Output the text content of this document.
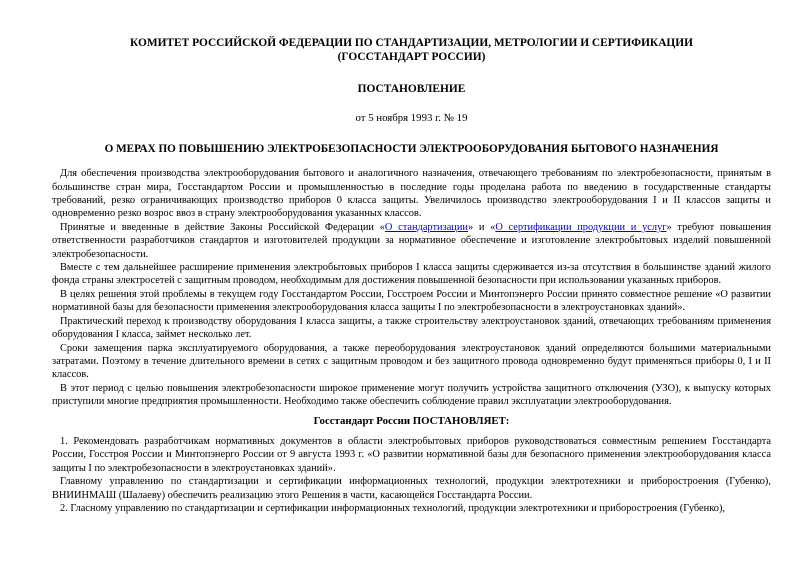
КОМИТЕТ РОССИЙСКОЙ ФЕДЕРАЦИИ ПО СТАНДАРТИЗАЦИИ, МЕТРОЛОГИИ И СЕРТИФИКАЦИИ
(ГОССТАНДАРТ РОССИИ)
ПОСТАНОВЛЕНИЕ
от 5 ноября 1993 г. № 19
О МЕРАХ ПО ПОВЫШЕНИЮ ЭЛЕКТРОБЕЗОПАСНОСТИ ЭЛЕКТРООБОРУДОВАНИЯ БЫТОВОГО НАЗНАЧЕНИЯ

Для обеспечения производства электрооборудования бытового и аналогичного назначения, отвечающего требованиям по электробезопасности, принятым в большинстве стран мира, Госстандартом России и промышленностью в последние годы проделана работа по введению в государственные стандарты требований, резко ограничивающих производство приборов 0 класса защиты. Увеличилось производство электрооборудования I и II классов защиты и одновременно резко возрос ввоз в страну электрооборудования указанных классов.

Принятые и введенные в действие Законы Российской Федерации «О стандартизации» и «О сертификации продукции и услуг» требуют повышения ответственности разработчиков стандартов и изготовителей продукции за нормативное обеспечение и изготовление электробытовых изделий повышенной электробезопасности.

Вместе с тем дальнейшее расширение применения электробытовых приборов I класса защиты сдерживается из-за отсутствия в большинстве зданий жилого фонда страны электросетей с защитным проводом, необходимым для достижения повышенной безопасности при использовании указанных приборов.

В целях решения этой проблемы в текущем году Госстандартом России, Госстроем России и Минтопэнерго России принято совместное решение «О развитии нормативной базы для безопасности применения электрооборудования класса защиты I по электробезопасности в электроустановках зданий».

Практический переход к производству оборудования I класса защиты, а также строительству электроустановок зданий, отвечающих требованиям применения оборудования I класса, займет несколько лет.

Сроки замещения парка эксплуатируемого оборудования, а также переоборудования электроустановок зданий определяются большими материальными затратами. Поэтому в течение длительного времени в сетях с защитным проводом и без защитного провода одновременно будут применяться приборы 0, I и II классов.

В этот период с целью повышения электробезопасности широкое применение могут получить устройства защитного отключения (УЗО), к выпуску которых приступили многие предприятия промышленности. Необходимо также обеспечить соблюдение правил эксплуатации электрооборудования.

Госстандарт России ПОСТАНОВЛЯЕТ:

1. Рекомендовать разработчикам нормативных документов в области электробытовых приборов руководствоваться совместным решением Госстандарта России, Госстроя России и Минтопэнерго России от 9 августа 1993 г. «О развитии нормативной базы для безопасного применения электрооборудования класса защиты I по электробезопасности в электроустановках зданий».

Главному управлению по стандартизации и сертификации информационных технологий, продукции электротехники и приборостроения (Губенко), ВНИИНМАШ (Шалаеву) обеспечить реализацию этого Решения в части, касающейся Госстандарта России.

2. Гласному управлению по стандартизации и сертификации информационных технологий, продукции электротехники и приборостроения (Губенко),
